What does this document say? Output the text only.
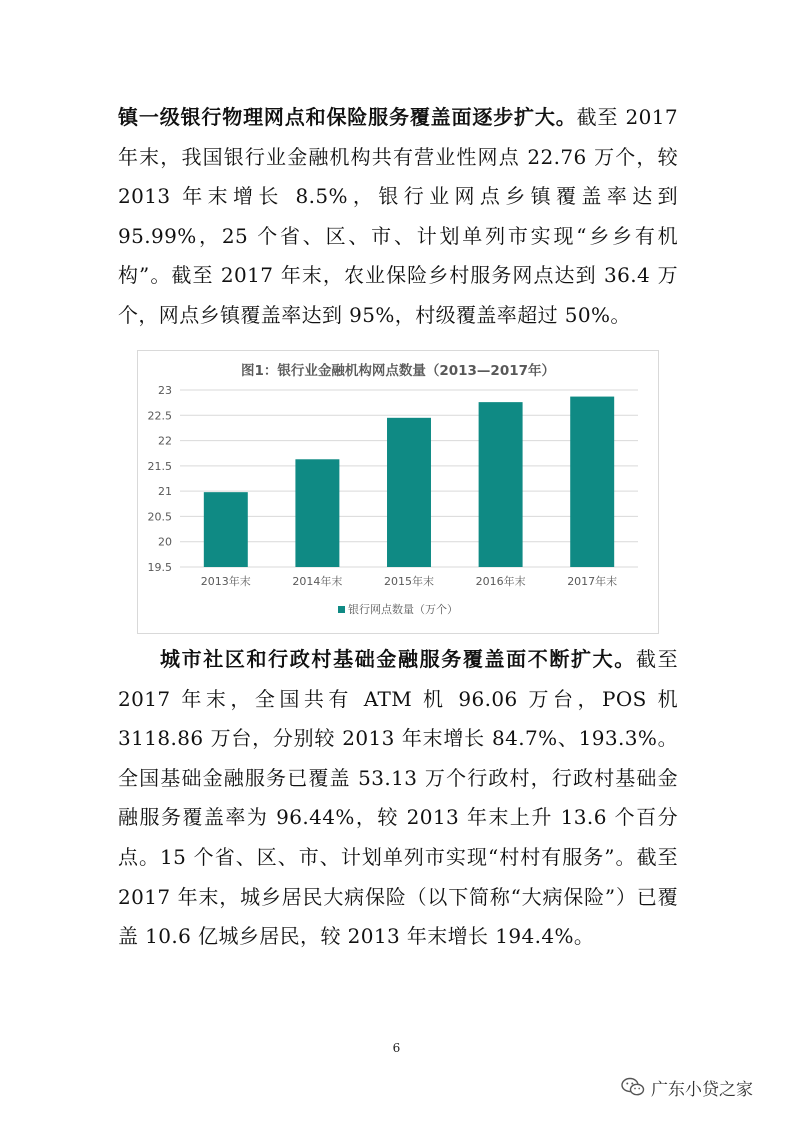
镇一级银行物理网点和保险服务覆盖面逐步扩大。截至 2017 年末，我国银行业金融机构共有营业性网点 22.76 万个，较 2013 年末增长 8.5%，银行业网点乡镇覆盖率达到 95.99%，25 个省、区、市、计划单列市实现“乡乡有机构”。截至 2017 年末，农业保险乡村服务网点达到 36.4 万个，网点乡镇覆盖率达到 95%，村级覆盖率超过 50%。

图1：银行业金融机构网点数量（2013—2017年）
19.5
20
20.5
21
21.5
22
22.5
23
2013年末	2014年末	2015年末	2016年末	2017年末
银行网点数量（万个）

城市社区和行政村基础金融服务覆盖面不断扩大。截至 2017 年末，全国共有 ATM 机 96.06 万台，POS 机 3118.86 万台，分别较 2013 年末增长 84.7%、193.3%。全国基础金融服务已覆盖 53.13 万个行政村，行政村基础金融服务覆盖率为 96.44%，较 2013 年末上升 13.6 个百分点。15 个省、区、市、计划单列市实现“村村有服务”。截至 2017 年末，城乡居民大病保险（以下简称“大病保险”）已覆盖 10.6 亿城乡居民，较 2013 年末增长 194.4%。

6
广东小贷之家
